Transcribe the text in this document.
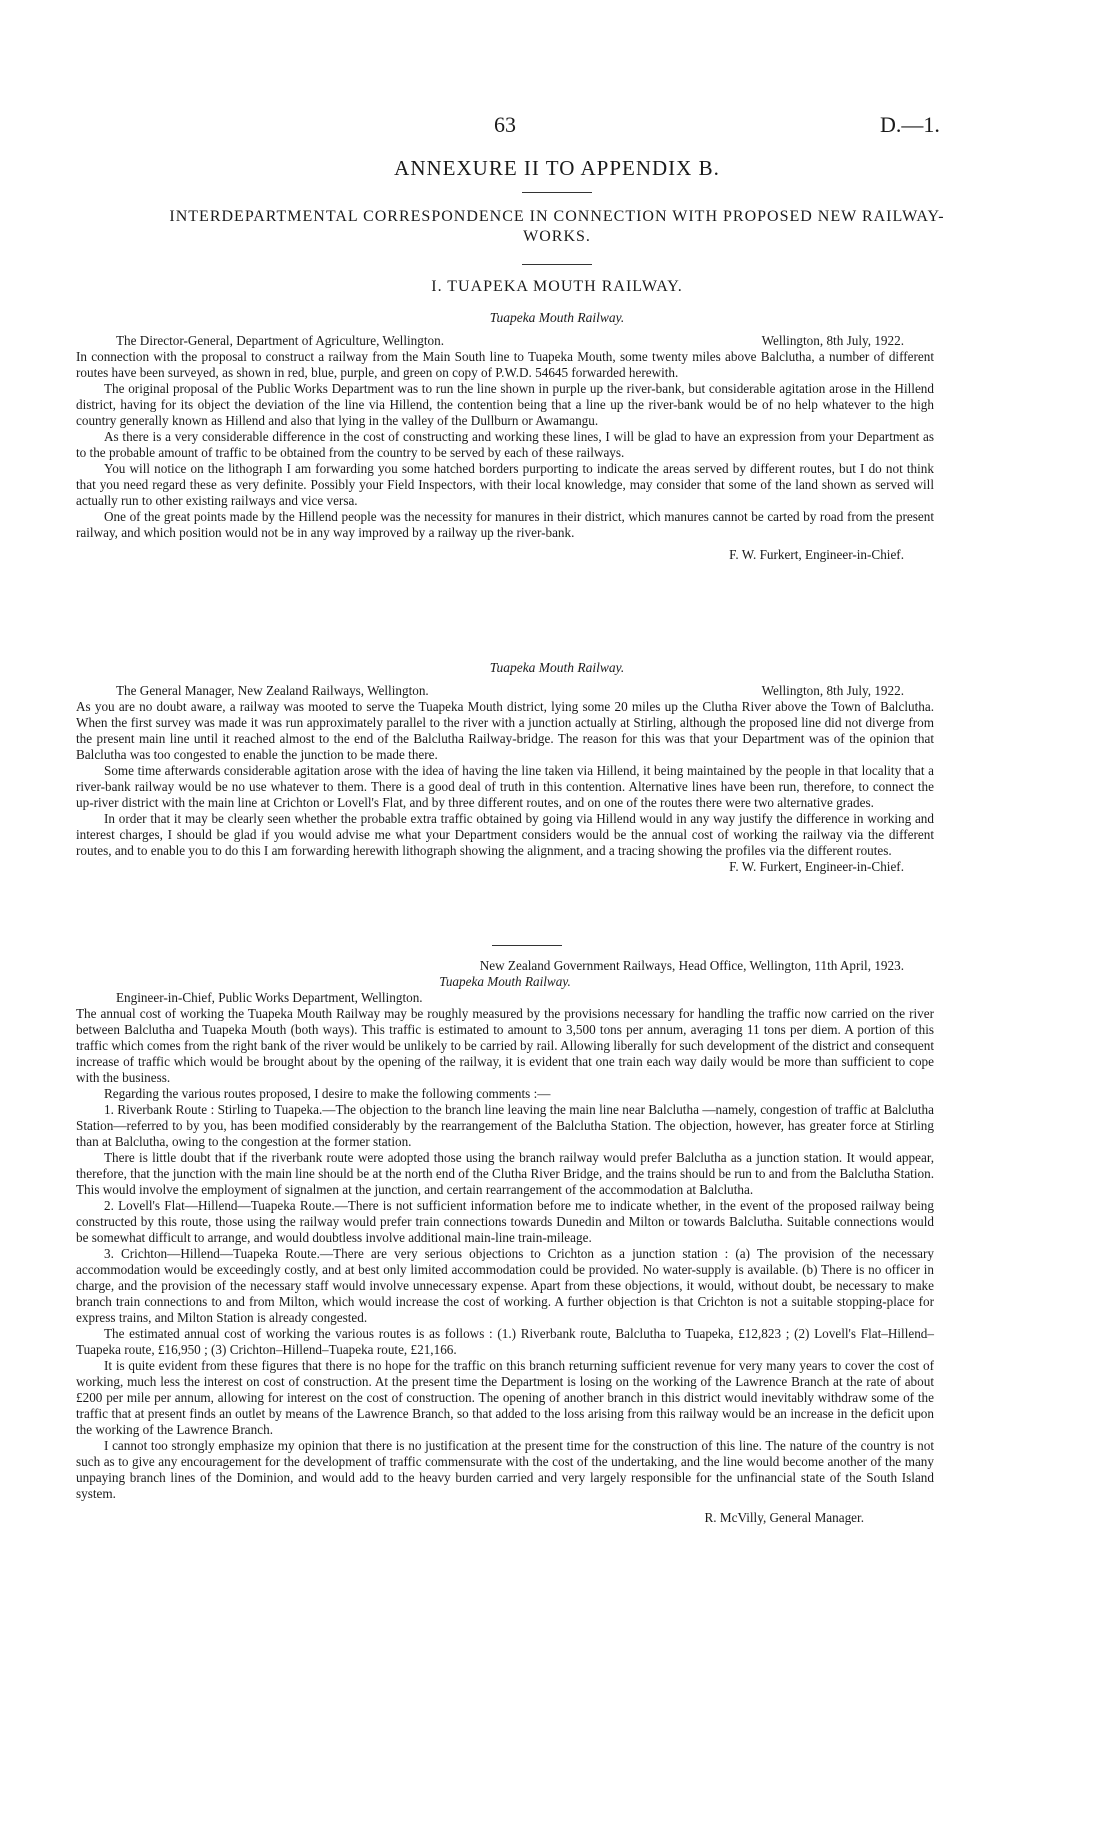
63	D.—1.
ANNEXURE II TO APPENDIX B.
INTERDEPARTMENTAL CORRESPONDENCE IN CONNECTION WITH PROPOSED NEW RAILWAY-WORKS.
I. TUAPEKA MOUTH RAILWAY.
Tuapeka Mouth Railway.
The Director-General, Department of Agriculture, Wellington.	Wellington, 8th July, 1922.

In connection with the proposal to construct a railway from the Main South line to Tuapeka Mouth, some twenty miles above Balclutha, a number of different routes have been surveyed, as shown in red, blue, purple, and green on copy of P.W.D. 54645 forwarded herewith.

The original proposal of the Public Works Department was to run the line shown in purple up the river-bank, but considerable agitation arose in the Hillend district, having for its object the deviation of the line via Hillend, the contention being that a line up the river-bank would be of no help whatever to the high country generally known as Hillend and also that lying in the valley of the Dullburn or Awamangu.

As there is a very considerable difference in the cost of constructing and working these lines, I will be glad to have an expression from your Department as to the probable amount of traffic to be obtained from the country to be served by each of these railways.

You will notice on the lithograph I am forwarding you some hatched borders purporting to indicate the areas served by different routes, but I do not think that you need regard these as very definite. Possibly your Field Inspectors, with their local knowledge, may consider that some of the land shown as served will actually run to other existing railways and vice versa.

One of the great points made by the Hillend people was the necessity for manures in their district, which manures cannot be carted by road from the present railway, and which position would not be in any way improved by a railway up the river-bank.

F. W. Furkert, Engineer-in-Chief.

Tuapeka Mouth Railway.
The General Manager, New Zealand Railways, Wellington.	Wellington, 8th July, 1922.

As you are no doubt aware, a railway was mooted to serve the Tuapeka Mouth district, lying some 20 miles up the Clutha River above the Town of Balclutha. When the first survey was made it was run approximately parallel to the river with a junction actually at Stirling, although the proposed line did not diverge from the present main line until it reached almost to the end of the Balclutha Railway-bridge. The reason for this was that your Department was of the opinion that Balclutha was too congested to enable the junction to be made there.

Some time afterwards considerable agitation arose with the idea of having the line taken via Hillend, it being maintained by the people in that locality that a river-bank railway would be no use whatever to them. There is a good deal of truth in this contention. Alternative lines have been run, therefore, to connect the up-river district with the main line at Crichton or Lovell's Flat, and by three different routes, and on one of the routes there were two alternative grades.

In order that it may be clearly seen whether the probable extra traffic obtained by going via Hillend would in any way justify the difference in working and interest charges, I should be glad if you would advise me what your Department considers would be the annual cost of working the railway via the different routes, and to enable you to do this I am forwarding herewith lithograph showing the alignment, and a tracing showing the profiles via the different routes.

F. W. Furkert, Engineer-in-Chief.

New Zealand Government Railways, Head Office, Wellington, 11th April, 1923.
Tuapeka Mouth Railway.
Engineer-in-Chief, Public Works Department, Wellington.

The annual cost of working the Tuapeka Mouth Railway may be roughly measured by the provisions necessary for handling the traffic now carried on the river between Balclutha and Tuapeka Mouth (both ways). This traffic is estimated to amount to 3,500 tons per annum, averaging 11 tons per diem. A portion of this traffic which comes from the right bank of the river would be unlikely to be carried by rail. Allowing liberally for such development of the district and consequent increase of traffic which would be brought about by the opening of the railway, it is evident that one train each way daily would be more than sufficient to cope with the business.

Regarding the various routes proposed, I desire to make the following comments :—

1. Riverbank Route : Stirling to Tuapeka.—The objection to the branch line leaving the main line near Balclutha —namely, congestion of traffic at Balclutha Station—referred to by you, has been modified considerably by the rearrangement of the Balclutha Station. The objection, however, has greater force at Stirling than at Balclutha, owing to the congestion at the former station.

There is little doubt that if the riverbank route were adopted those using the branch railway would prefer Balclutha as a junction station. It would appear, therefore, that the junction with the main line should be at the north end of the Clutha River Bridge, and the trains should be run to and from the Balclutha Station. This would involve the employment of signalmen at the junction, and certain rearrangement of the accommodation at Balclutha.

2. Lovell's Flat—Hillend—Tuapeka Route.—There is not sufficient information before me to indicate whether, in the event of the proposed railway being constructed by this route, those using the railway would prefer train connections towards Dunedin and Milton or towards Balclutha. Suitable connections would be somewhat difficult to arrange, and would doubtless involve additional main-line train-mileage.

3. Crichton—Hillend—Tuapeka Route.—There are very serious objections to Crichton as a junction station : (a) The provision of the necessary accommodation would be exceedingly costly, and at best only limited accommodation could be provided. No water-supply is available. (b) There is no officer in charge, and the provision of the necessary staff would involve unnecessary expense. Apart from these objections, it would, without doubt, be necessary to make branch train connections to and from Milton, which would increase the cost of working. A further objection is that Crichton is not a suitable stopping-place for express trains, and Milton Station is already congested.

The estimated annual cost of working the various routes is as follows : (1.) Riverbank route, Balclutha to Tuapeka, £12,823 ; (2) Lovell's Flat–Hillend–Tuapeka route, £16,950 ; (3) Crichton–Hillend–Tuapeka route, £21,166.

It is quite evident from these figures that there is no hope for the traffic on this branch returning sufficient revenue for very many years to cover the cost of working, much less the interest on cost of construction. At the present time the Department is losing on the working of the Lawrence Branch at the rate of about £200 per mile per annum, allowing for interest on the cost of construction. The opening of another branch in this district would inevitably withdraw some of the traffic that at present finds an outlet by means of the Lawrence Branch, so that added to the loss arising from this railway would be an increase in the deficit upon the working of the Lawrence Branch.

I cannot too strongly emphasize my opinion that there is no justification at the present time for the construction of this line. The nature of the country is not such as to give any encouragement for the development of traffic commensurate with the cost of the undertaking, and the line would become another of the many unpaying branch lines of the Dominion, and would add to the heavy burden carried and very largely responsible for the unfinancial state of the South Island system.

R. McVilly, General Manager.
